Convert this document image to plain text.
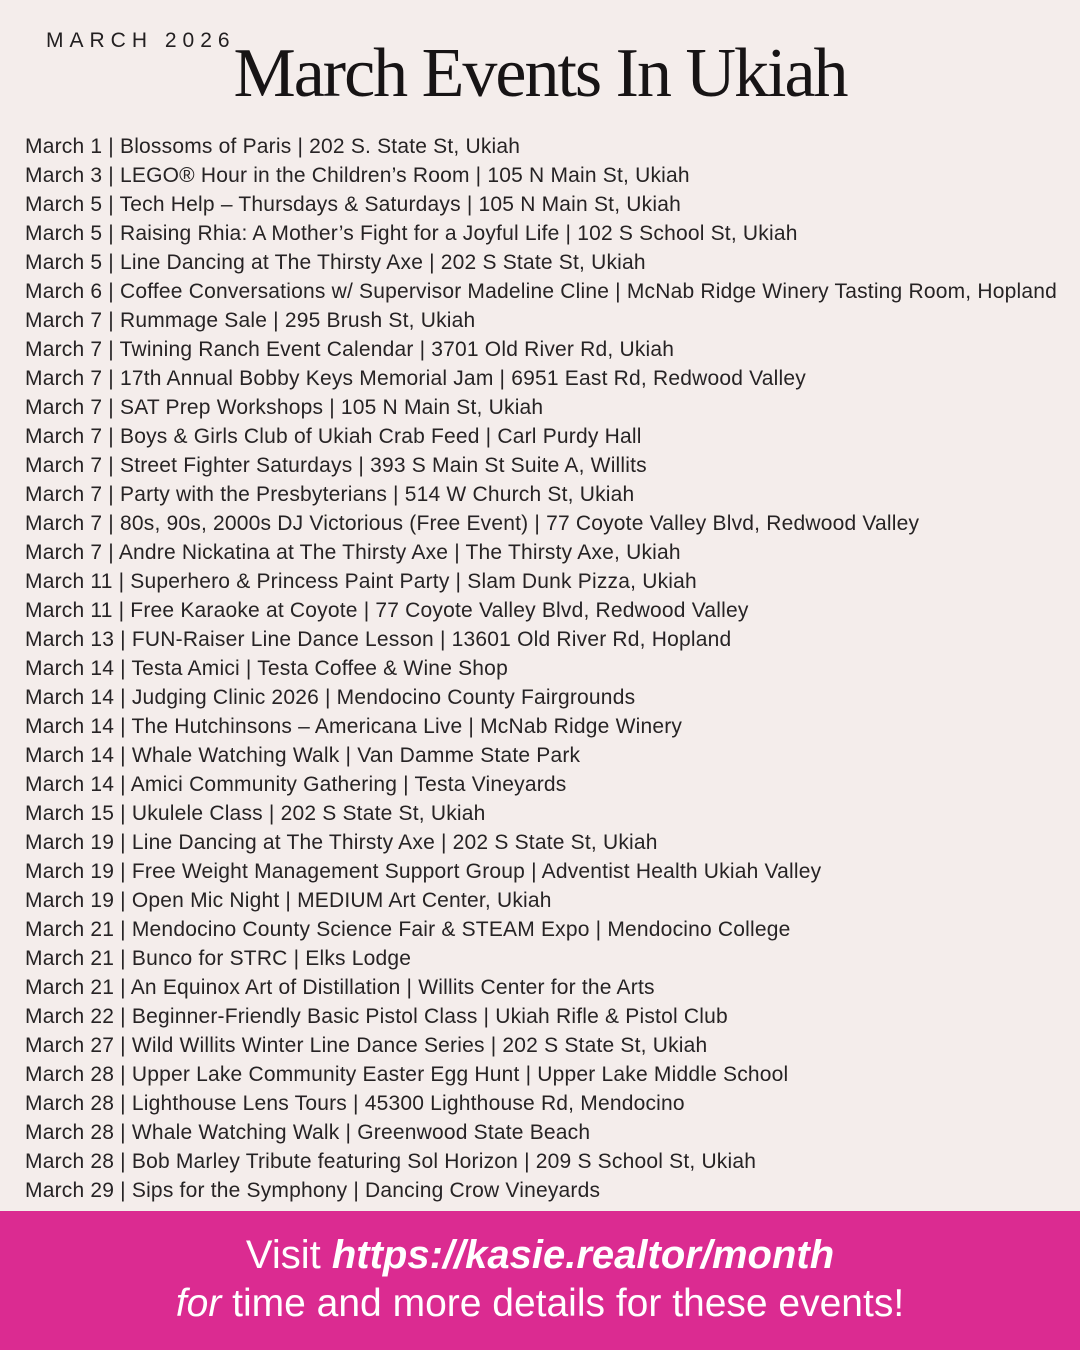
MARCH 2026
March Events In Ukiah
March 1 | Blossoms of Paris | 202 S. State St, Ukiah
March 3 | LEGO® Hour in the Children’s Room | 105 N Main St, Ukiah
March 5 | Tech Help – Thursdays & Saturdays | 105 N Main St, Ukiah
March 5 | Raising Rhia: A Mother’s Fight for a Joyful Life | 102 S School St, Ukiah
March 5 | Line Dancing at The Thirsty Axe | 202 S State St, Ukiah
March 6 | Coffee Conversations w/ Supervisor Madeline Cline | McNab Ridge Winery Tasting Room, Hopland
March 7 | Rummage Sale | 295 Brush St, Ukiah
March 7 | Twining Ranch Event Calendar | 3701 Old River Rd, Ukiah
March 7 | 17th Annual Bobby Keys Memorial Jam | 6951 East Rd, Redwood Valley
March 7 | SAT Prep Workshops | 105 N Main St, Ukiah
March 7 | Boys & Girls Club of Ukiah Crab Feed | Carl Purdy Hall
March 7 | Street Fighter Saturdays | 393 S Main St Suite A, Willits
March 7 | Party with the Presbyterians | 514 W Church St, Ukiah
March 7 | 80s, 90s, 2000s DJ Victorious (Free Event) | 77 Coyote Valley Blvd, Redwood Valley
March 7 | Andre Nickatina at The Thirsty Axe | The Thirsty Axe, Ukiah
March 11 | Superhero & Princess Paint Party | Slam Dunk Pizza, Ukiah
March 11 | Free Karaoke at Coyote | 77 Coyote Valley Blvd, Redwood Valley
March 13 | FUN-Raiser Line Dance Lesson | 13601 Old River Rd, Hopland
March 14 | Testa Amici | Testa Coffee & Wine Shop
March 14 | Judging Clinic 2026 | Mendocino County Fairgrounds
March 14 | The Hutchinsons – Americana Live | McNab Ridge Winery
March 14 | Whale Watching Walk | Van Damme State Park
March 14 | Amici Community Gathering | Testa Vineyards
March 15 | Ukulele Class | 202 S State St, Ukiah
March 19 | Line Dancing at The Thirsty Axe | 202 S State St, Ukiah
March 19 | Free Weight Management Support Group | Adventist Health Ukiah Valley
March 19 | Open Mic Night | MEDIUM Art Center, Ukiah
March 21 | Mendocino County Science Fair & STEAM Expo | Mendocino College
March 21 | Bunco for STRC | Elks Lodge
March 21 | An Equinox Art of Distillation | Willits Center for the Arts
March 22 | Beginner-Friendly Basic Pistol Class | Ukiah Rifle & Pistol Club
March 27 | Wild Willits Winter Line Dance Series | 202 S State St, Ukiah
March 28 | Upper Lake Community Easter Egg Hunt | Upper Lake Middle School
March 28 | Lighthouse Lens Tours | 45300 Lighthouse Rd, Mendocino
March 28 | Whale Watching Walk | Greenwood State Beach
March 28 | Bob Marley Tribute featuring Sol Horizon | 209 S School St, Ukiah
March 29 | Sips for the Symphony | Dancing Crow Vineyards
Visit https://kasie.realtor/month
for time and more details for these events!
